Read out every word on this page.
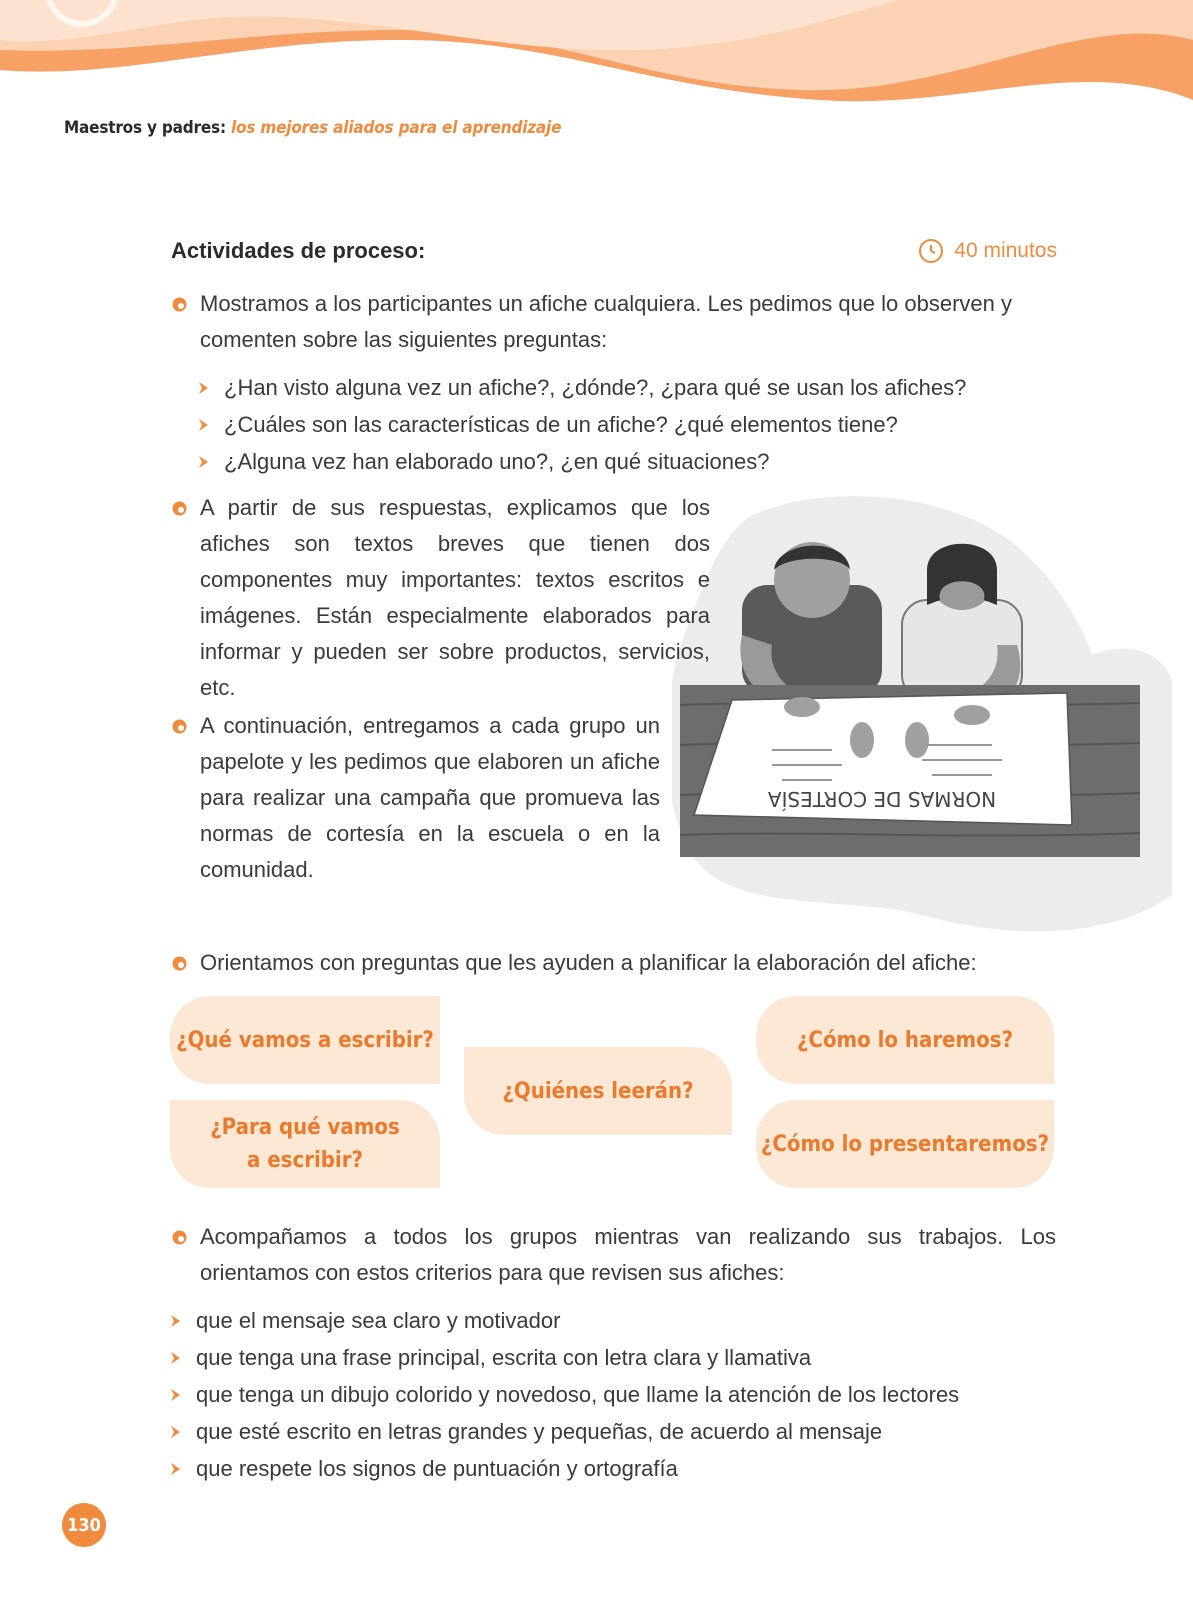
Maestros y padres: los mejores aliados para el aprendizaje
Actividades de proceso:	40 minutos
Mostramos a los participantes un afiche cualquiera. Les pedimos que lo observen y comenten sobre las siguientes preguntas:
¿Han visto alguna vez un afiche?, ¿dónde?, ¿para qué se usan los afiches?
¿Cuáles son las características de un afiche? ¿qué elementos tiene?
¿Alguna vez han elaborado uno?, ¿en qué situaciones?
NORMAS DE CORTESÍA
A partir de sus respuestas, explicamos que los afiches son textos breves que tienen dos componentes muy importantes: textos escritos e imágenes. Están especialmente elaborados para informar y pueden ser sobre productos, servicios, etc.
A continuación, entregamos a cada grupo un papelote y les pedimos que elaboren un afiche para realizar una campaña que promueva las normas de cortesía en la escuela o en la comunidad.
Orientamos con preguntas que les ayuden a planificar la elaboración del afiche:
¿Qué vamos a escribir?
¿Para qué vamos
a escribir?
¿Quiénes leerán?
¿Cómo lo haremos?
¿Cómo lo presentaremos?
Acompañamos a todos los grupos mientras van realizando sus trabajos. Los orientamos con estos criterios para que revisen sus afiches:
que el mensaje sea claro y motivador
que tenga una frase principal, escrita con letra clara y llamativa
que tenga un dibujo colorido y novedoso, que llame la atención de los lectores
que esté escrito en letras grandes y pequeñas, de acuerdo al mensaje
que respete los signos de puntuación y ortografía
130
